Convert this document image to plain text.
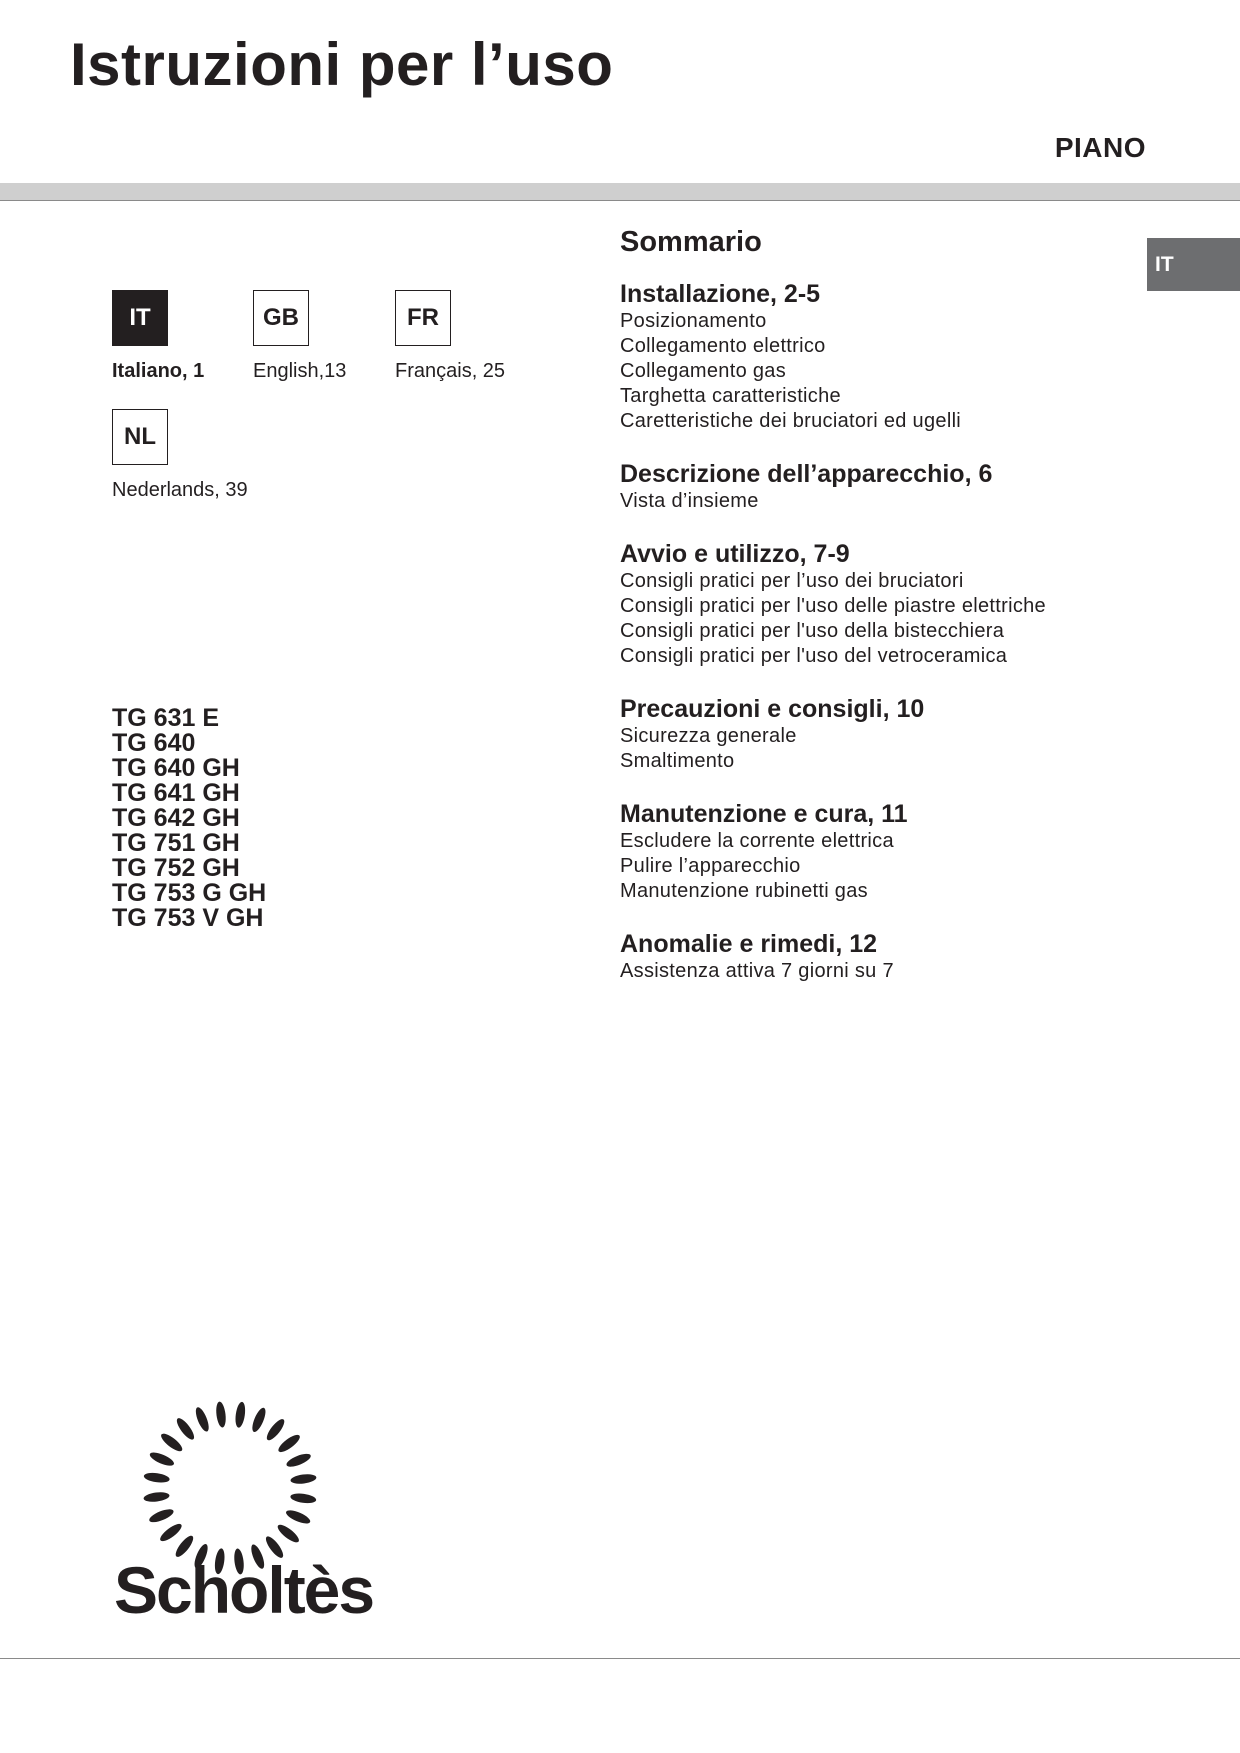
Istruzioni per l’uso
PIANO
IT
IT
Italiano, 1
GB
English,13
FR
Français, 25
NL
Nederlands, 39
TG 631 E
TG 640
TG 640 GH
TG 641 GH
TG 642 GH
TG 751 GH
TG 752 GH
TG 753 G GH
TG 753 V GH
Sommario
Installazione, 2-5
Posizionamento
Collegamento elettrico
Collegamento gas
Targhetta caratteristiche
Caretteristiche dei bruciatori ed ugelli
Descrizione dell’apparecchio, 6
Vista d’insieme
Avvio e utilizzo, 7-9
Consigli pratici per l’uso dei bruciatori
Consigli pratici per l'uso delle piastre elettriche
Consigli pratici per l'uso della bistecchiera
Consigli pratici per l'uso del vetroceramica
Precauzioni e consigli, 10
Sicurezza generale
Smaltimento
Manutenzione e cura, 11
Escludere la corrente elettrica
Pulire l’apparecchio
Manutenzione rubinetti gas
Anomalie e rimedi, 12
Assistenza attiva 7 giorni su 7
Scholtès
